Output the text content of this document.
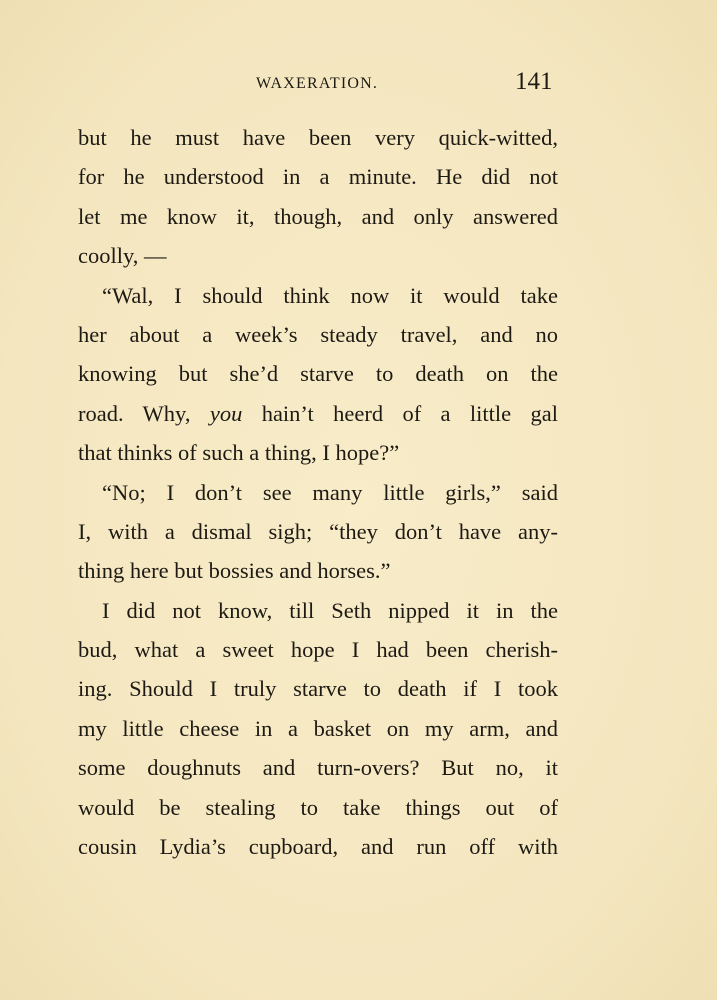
WAXERATION.	141
but he must have been very quick-witted,
for he understood in a minute. He did not
let me know it, though, and only answered
coolly, —
“Wal, I should think now it would take
her about a week’s steady travel, and no
knowing but she’d starve to death on the
road. Why, you hain’t heerd of a little gal
that thinks of such a thing, I hope?”
“No; I don’t see many little girls,” said
I, with a dismal sigh; “they don’t have any-
thing here but bossies and horses.”
I did not know, till Seth nipped it in the
bud, what a sweet hope I had been cherish-
ing. Should I truly starve to death if I took
my little cheese in a basket on my arm, and
some doughnuts and turn-overs? But no, it
would be stealing to take things out of
cousin Lydia’s cupboard, and run off with
